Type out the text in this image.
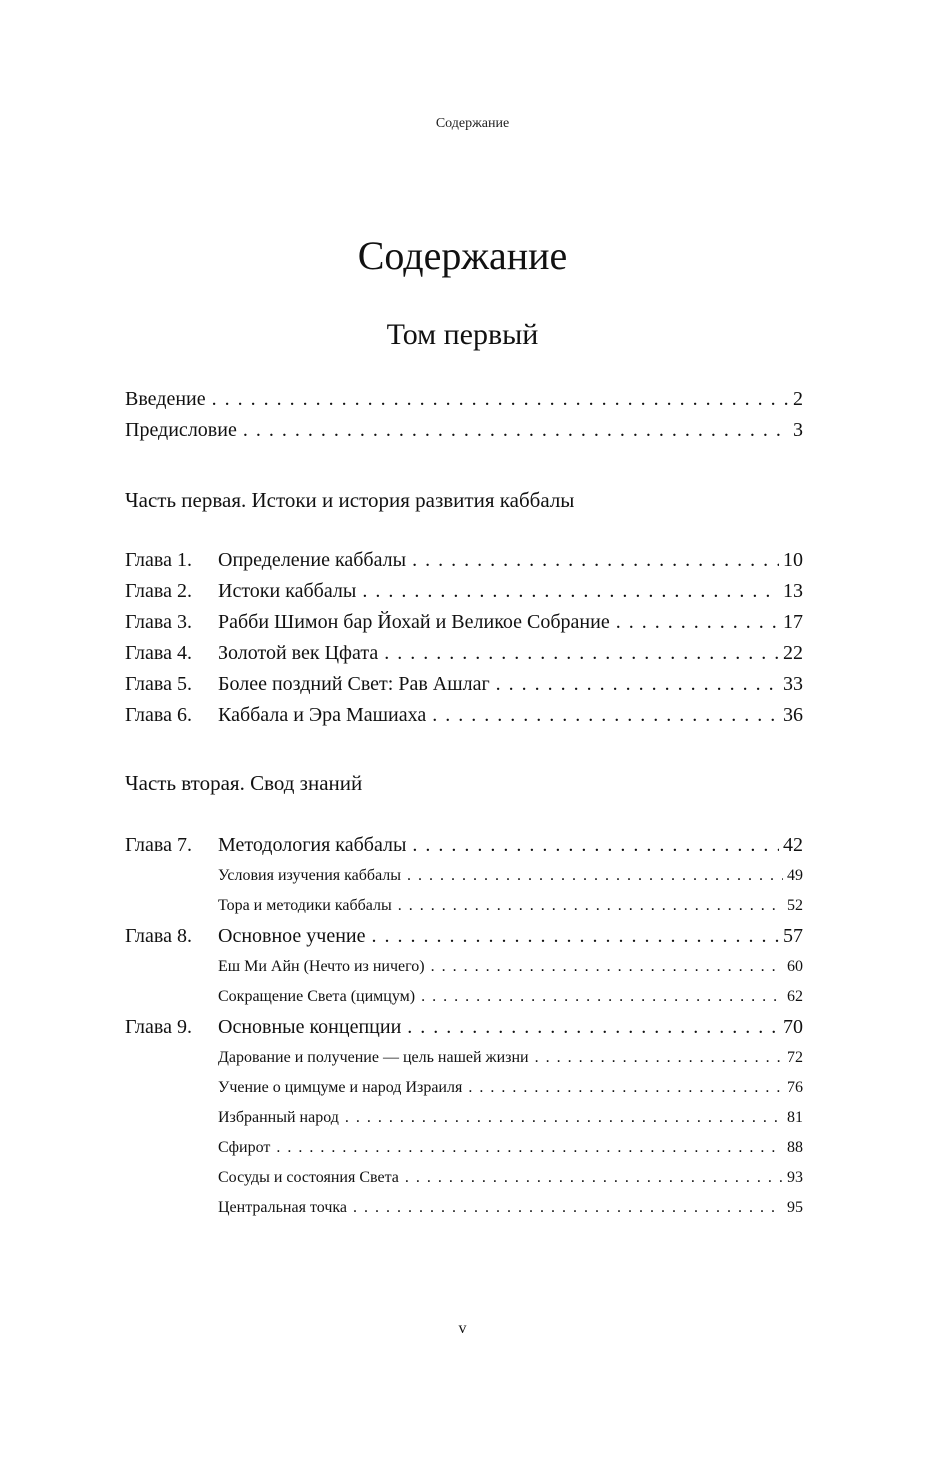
Содержание
Содержание
Том первый
Введение . . .	2
Предисловие . . .	3
Часть первая. Истоки и история развития каббалы
Глава 1.	Определение каббалы . . .	10
Глава 2.	Истоки каббалы . . .	13
Глава 3.	Рабби Шимон бар Йохай и Великое Собрание . . .	17
Глава 4.	Золотой век Цфата . . .	22
Глава 5.	Более поздний Свет: Рав Ашлаг . . .	33
Глава 6.	Каббала и Эра Машиаха . . .	36
Часть вторая. Свод знаний
Глава 7.	Методология каббалы . . .	42
Условия изучения каббалы . . .	49
Тора и методики каббалы . . .	52
Глава 8.	Основное учение . . .	57
Еш Ми Айн (Нечто из ничего) . . .	60
Сокращение Света (цимцум) . . .	62
Глава 9.	Основные концепции . . .	70
Дарование и получение — цель нашей жизни . . .	72
Учение о цимцуме и народ Израиля . . .	76
Избранный народ . . .	81
Сфирот . . .	88
Сосуды и состояния Света . . .	93
Центральная точка . . .	95
v
